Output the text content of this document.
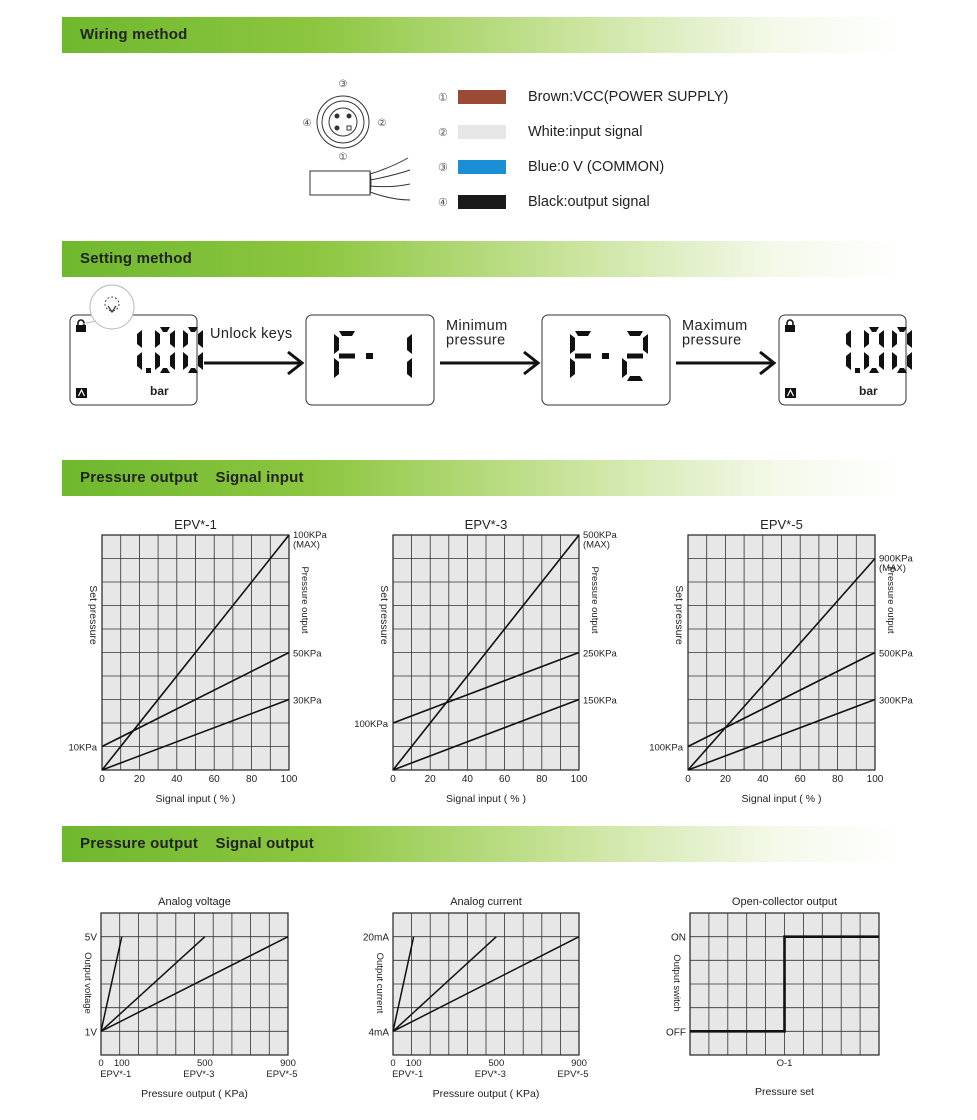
Wiring method
Setting method
Pressure output    Signal input
Pressure output    Signal output
③
②
④
①
①	Brown:VCC(POWER SUPPLY)
②	White:input signal
③	Blue:0 V (COMMON)
④	Black:output signal
bar	bar
Unlock keys	Minimum pressure
Maximum pressure
EPV*-1
0	20	40	60	80 100
Signal input ( % )
10KPa
100KPa (MAX)
50KPa
30KPa
Set pressure	Pressure output
EPV*-3
0	20	40	60	80 100
Signal input ( % )
100KPa
500KPa (MAX)
250KPa
150KPa
Set pressure	Pressure output
EPV*-5
0	20	40	60	80 100
Signal input ( % )
100KPa
900KPa (MAX)
500KPa
300KPa
Set pressure	Pressure output
Analog voltage
1V
5V
0 100
EPV*-1
500
EPV*-3
900
EPV*-5
Pressure output ( KPa)
Output voltage
Analog current
4mA
20mA
0 100
EPV*-1
500
EPV*-3
900
EPV*-5
Pressure output ( KPa)
Output current
Open-collector output
OFF
ON
O-1
Pressure set
Output switch
